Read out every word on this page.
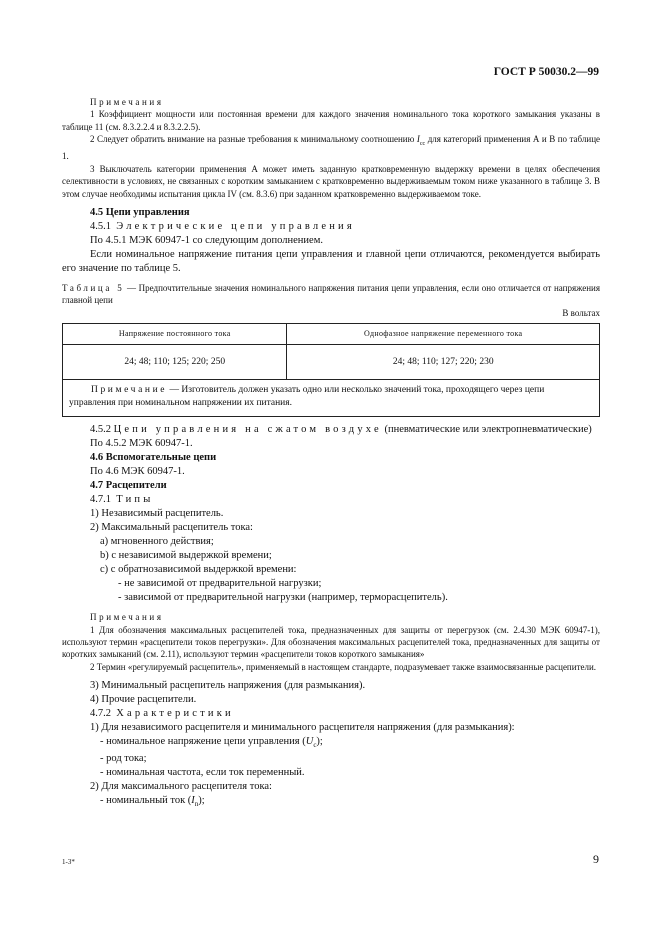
ГОСТ Р 50030.2—99

Примечания

1 Коэффициент мощности или постоянная времени для каждого значения номинального тока короткого замыкания указаны в таблице 11 (см. 8.3.2.2.4 и 8.3.2.2.5).

2 Следует обратить внимание на разные требования к минимальному соотношению $I_{cc}$ для категорий применения А и В по таблице 1.

3 Выключатель категории применения А может иметь заданную кратковременную выдержку времени в целях обеспечения селективности в условиях, не связанных с коротким замыканием с кратковременно выдерживаемым током ниже указанного в таблице 3. В этом случае необходимы испытания цикла IV (см. 8.3.6) при заданном кратковременно выдерживаемом токе.

4.5 Цепи управления

4.5.1 Электрические цепи управления

По 4.5.1 МЭК 60947-1 со следующим дополнением.

Если номинальное напряжение питания цепи управления и главной цепи отличаются, рекомендуется выбирать его значение по таблице 5.

Таблица 5 — Предпочтительные значения номинального напряжения питания цепи управления, если оно отличается от напряжения главной цепи

В вольтах

Напряжение постоянного тока	Однофазное напряжение переменного тока
24; 48; 110; 125; 220; 250	24; 48; 110; 127; 220; 230
Примечание — Изготовитель должен указать одно или несколько значений тока, проходящего через цепи управления при номинальном напряжении их питания.	

4.5.2 Цепи управления на сжатом воздухе (пневматические или электропневматические)

По 4.5.2 МЭК 60947-1.

4.6 Вспомогательные цепи

По 4.6 МЭК 60947-1.

4.7 Расцепители

4.7.1 Типы

1) Независимый расцепитель.

2) Максимальный расцепитель тока:

а) мгновенного действия;

b) с независимой выдержкой времени;

с) с обратнозависимой выдержкой времени:

- не зависимой от предварительной нагрузки;

- зависимой от предварительной нагрузки (например, терморасцепитель).

Примечания

1 Для обозначения максимальных расцепителей тока, предназначенных для защиты от перегрузок (см. 2.4.30 МЭК 60947-1), используют термин «расцепители токов перегрузки». Для обозначения максимальных расцепителей тока, предназначенных для защиты от коротких замыканий (см. 2.11), используют термин «расцепители токов короткого замыкания»

2 Термин «регулируемый расцепитель», применяемый в настоящем стандарте, подразумевает также взаимосвязанные расцепители.

3) Минимальный расцепитель напряжения (для размыкания).

4) Прочие расцепители.

4.7.2 Характеристики

1) Для независимого расцепителя и минимального расцепителя напряжения (для размыкания):

- номинальное напряжение цепи управления $(U_c)$;

- род тока;

- номинальная частота, если ток переменный.

2) Для максимального расцепителя тока:

- номинальный ток $(I_n)$;

1-3*	9
